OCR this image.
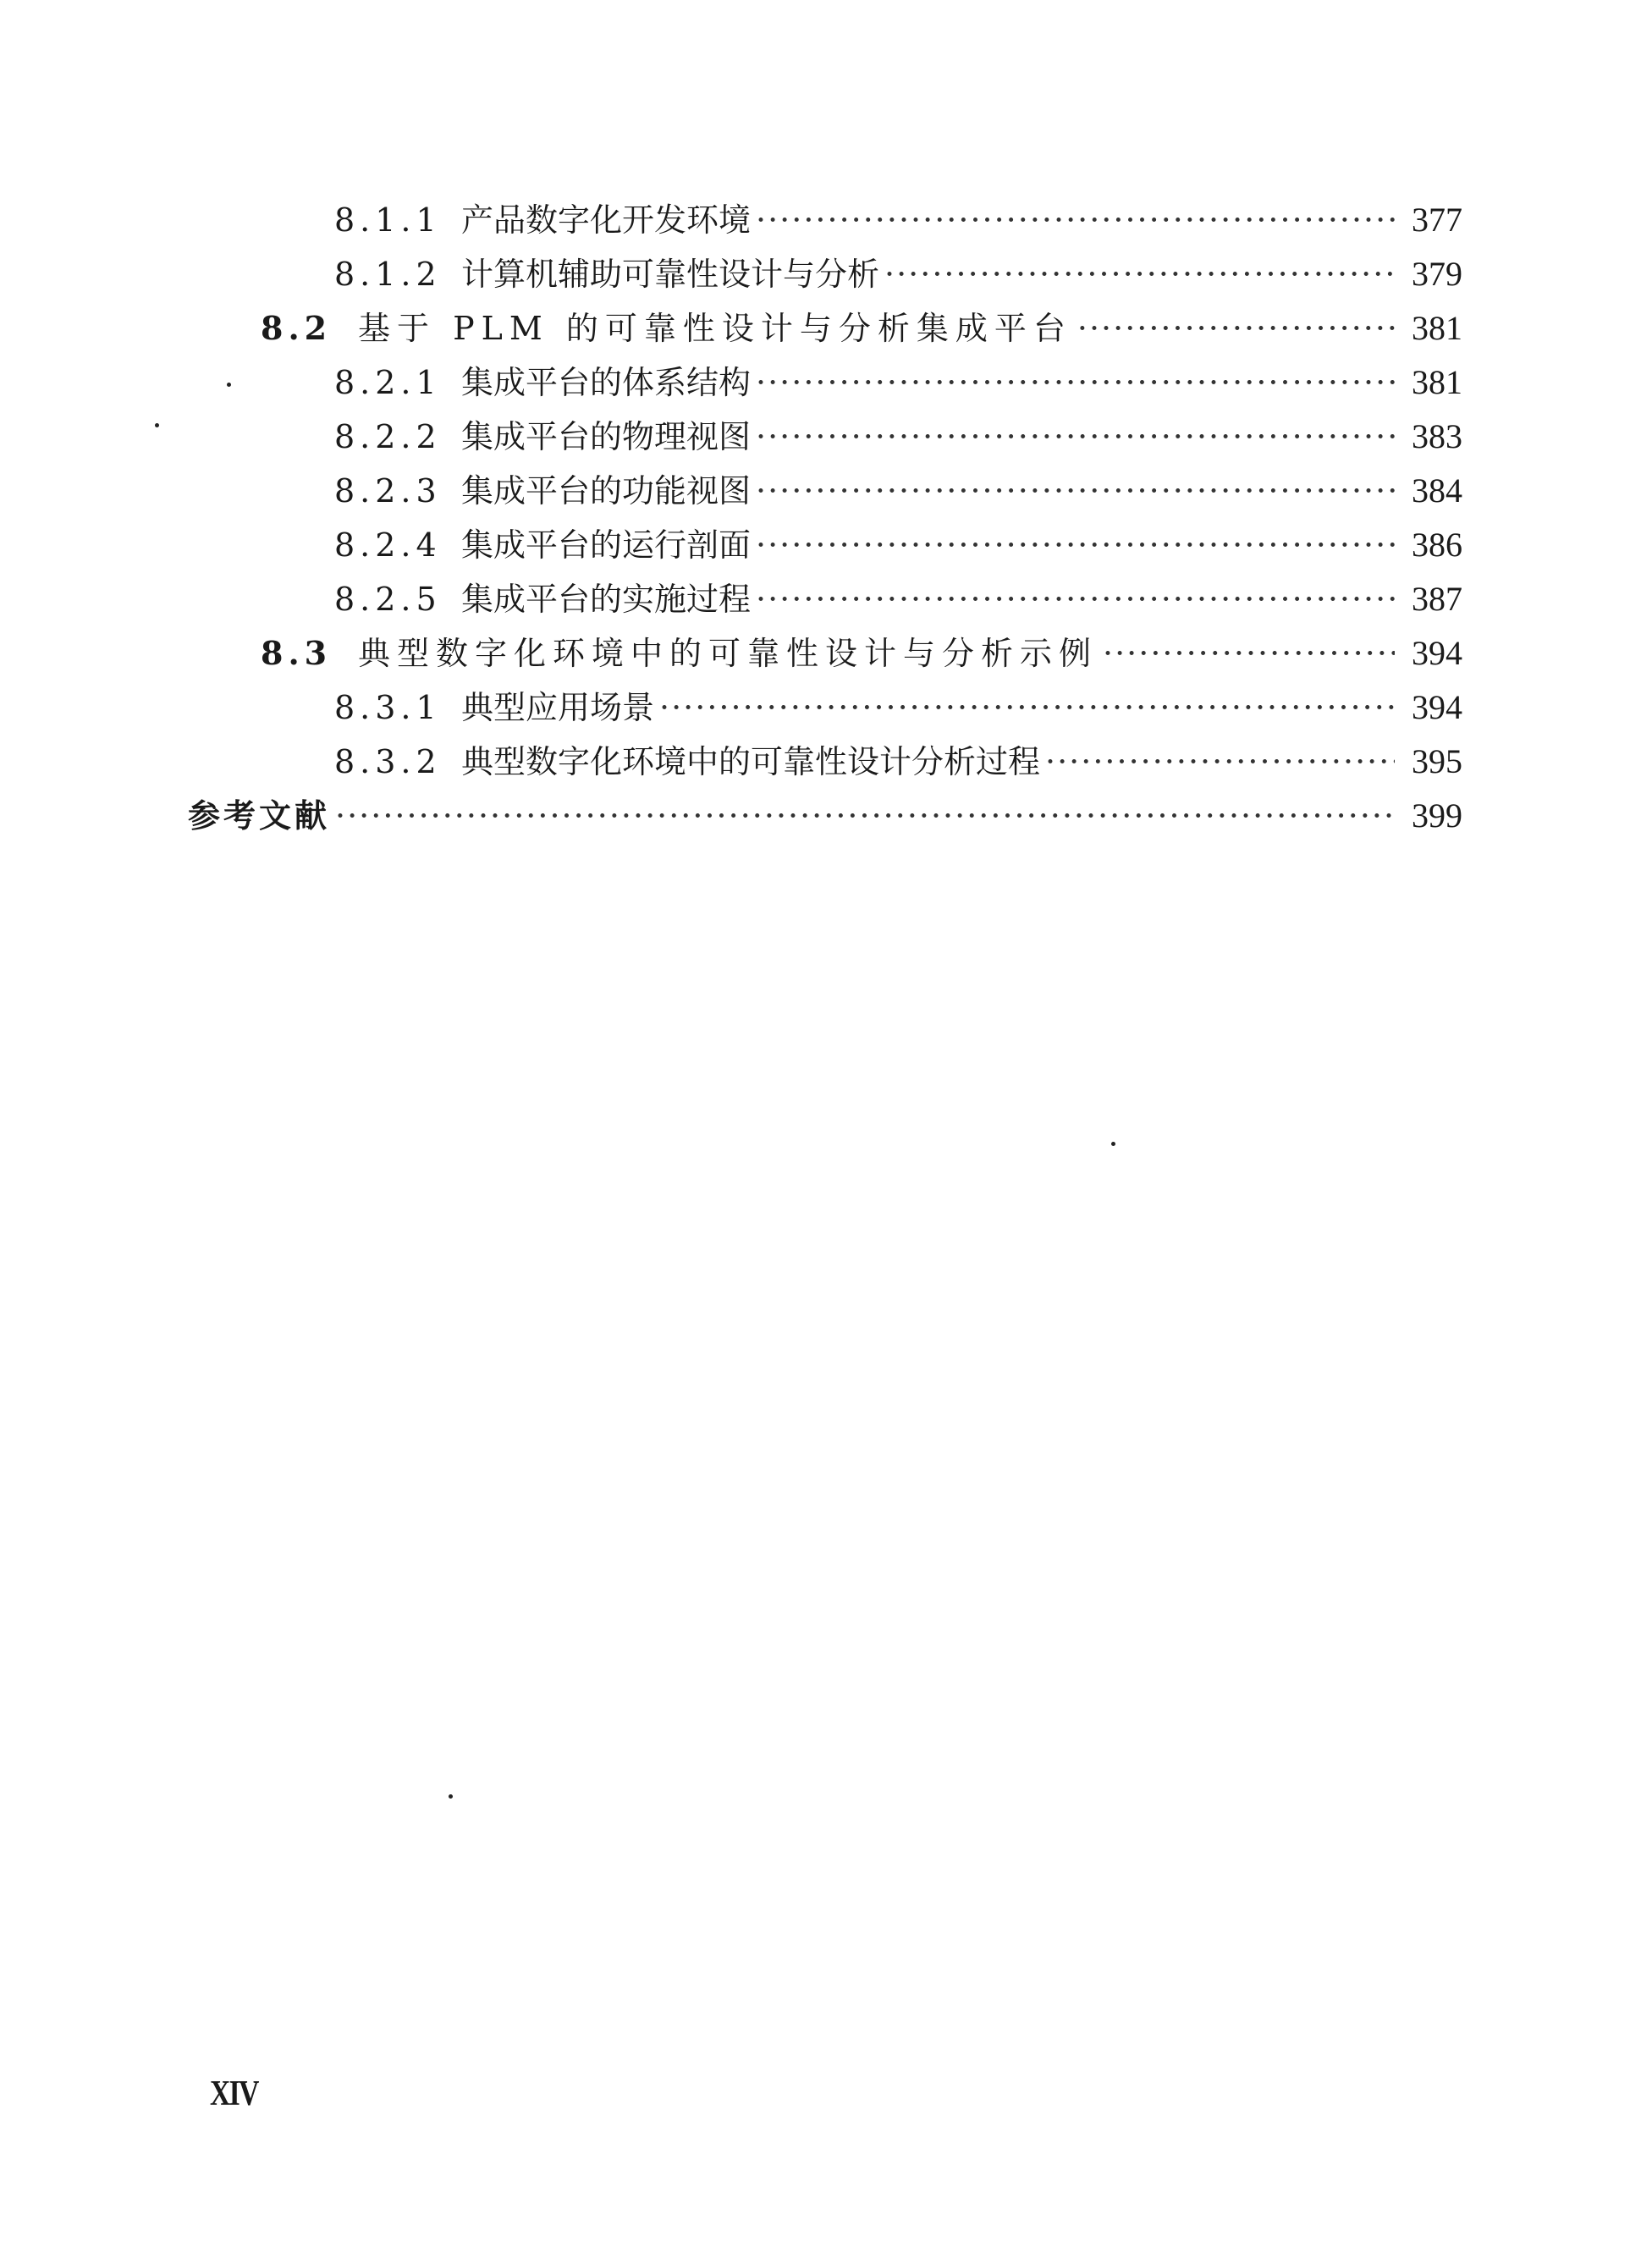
8.1.1 产品数字化开发环境 ·····	377
8.1.2 计算机辅助可靠性设计与分析 ·····	379
8.2 基于 PLM 的可靠性设计与分析集成平台 ·····	381
8.2.1 集成平台的体系结构 ·····	381
8.2.2 集成平台的物理视图 ·····	383
8.2.3 集成平台的功能视图 ·····	384
8.2.4 集成平台的运行剖面 ·····	386
8.2.5 集成平台的实施过程 ·····	387
8.3 典型数字化环境中的可靠性设计与分析示例 ·····	394
8.3.1 典型应用场景 ·····	394
8.3.2 典型数字化环境中的可靠性设计分析过程 ·····	395
参考文献 ·····	399
XIV
